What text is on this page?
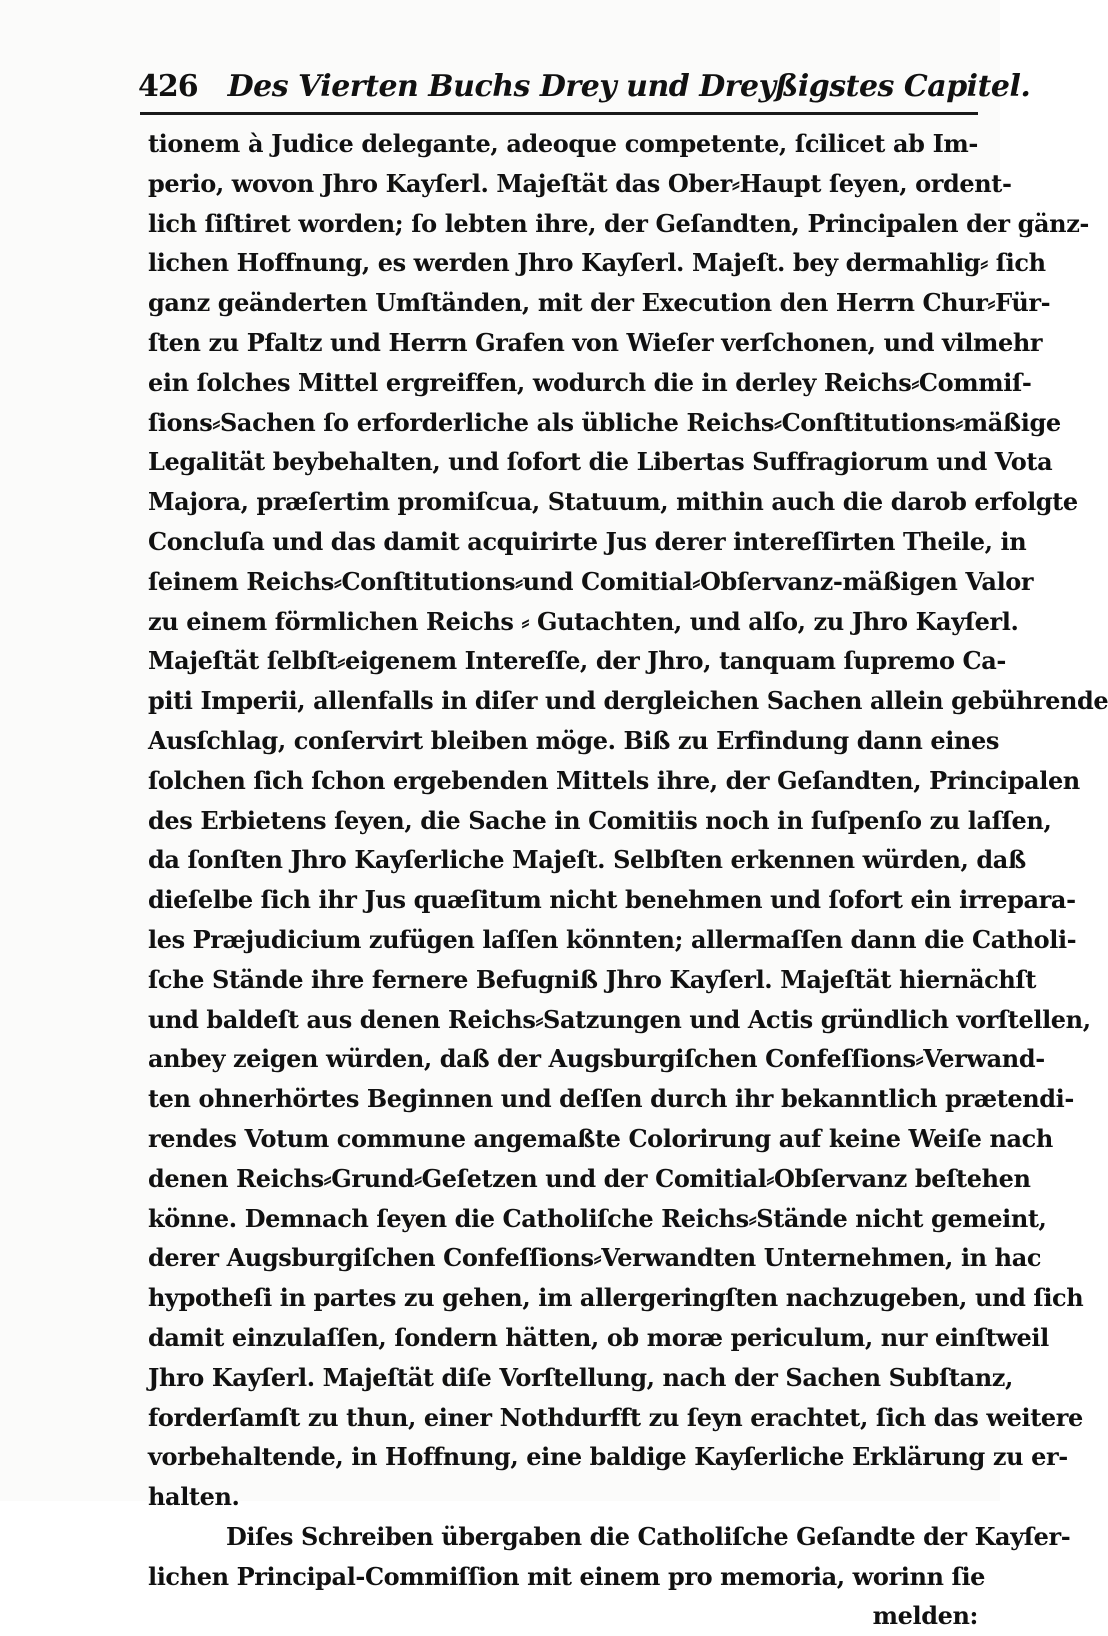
426 Des Vierten Buchs Drey und Dreyßigstes Capitel.
tionem à Judice delegante, adeoque competente, ſcilicet ab Im-
perio, wovon Jhro Kayſerl. Majeſtät das Ober⸗Haupt ſeyen, ordent-
lich ſiſtiret worden; ſo lebten ihre, der Geſandten, Principalen der gänz-
lichen Hoffnung, es werden Jhro Kayſerl. Majeſt. bey dermahlig⸗ ſich
ganz geänderten Umſtänden, mit der Execution den Herrn Chur⸗Für-
ſten zu Pfaltz und Herrn Grafen von Wieſer verſchonen, und vilmehr
ein ſolches Mittel ergreiffen, wodurch die in derley Reichs⸗Commiſ-
ſions⸗Sachen ſo erforderliche als übliche Reichs⸗Conſtitutions⸗mäßige
Legalität beybehalten, und ſofort die Libertas Suffragiorum und Vota
Majora, præſertim promiſcua, Statuum, mithin auch die darob erfolgte
Concluſa und das damit acquirirte Jus derer intereſſirten Theile, in
ſeinem Reichs⸗Conſtitutions⸗und Comitial⸗Obſervanz-mäßigen Valor
zu einem förmlichen Reichs ⸗ Gutachten, und alſo, zu Jhro Kayſerl.
Majeſtät ſelbſt⸗eigenem Intereſſe, der Jhro, tanquam ſupremo Ca-
piti Imperii, allenfalls in diſer und dergleichen Sachen allein gebührende
Ausſchlag, conſervirt bleiben möge. Biß zu Erfindung dann eines
ſolchen ſich ſchon ergebenden Mittels ihre, der Geſandten, Principalen
des Erbietens ſeyen, die Sache in Comitiis noch in ſuſpenſo zu laſſen,
da ſonſten Jhro Kayſerliche Majeſt. Selbſten erkennen würden, daß
dieſelbe ſich ihr Jus quæſitum nicht benehmen und ſofort ein irrepara-
les Præjudicium zufügen laſſen könnten; allermaſſen dann die Catholi-
ſche Stände ihre fernere Befugniß Jhro Kayſerl. Majeſtät hiernächſt
und baldeſt aus denen Reichs⸗Satzungen und Actis gründlich vorſtellen,
anbey zeigen würden, daß der Augsburgiſchen Confeſſions⸗Verwand-
ten ohnerhörtes Beginnen und deſſen durch ihr bekanntlich prætendi-
rendes Votum commune angemaßte Colorirung auf keine Weiſe nach
denen Reichs⸗Grund⸗Geſetzen und der Comitial⸗Obſervanz beſtehen
könne. Demnach ſeyen die Catholiſche Reichs⸗Stände nicht gemeint,
derer Augsburgiſchen Confeſſions⸗Verwandten Unternehmen, in hac
hypotheſi in partes zu gehen, im allergeringſten nachzugeben, und ſich
damit einzulaſſen, ſondern hätten, ob moræ periculum, nur einſtweil
Jhro Kayſerl. Majeſtät diſe Vorſtellung, nach der Sachen Subſtanz,
forderſamſt zu thun, einer Nothdurfft zu ſeyn erachtet, ſich das weitere
vorbehaltende, in Hoffnung, eine baldige Kayſerliche Erklärung zu er-
halten.
Diſes Schreiben übergaben die Catholiſche Geſandte der Kayſer-
lichen Principal-Commiſſion mit einem pro memoria, worinn ſie
melden:
